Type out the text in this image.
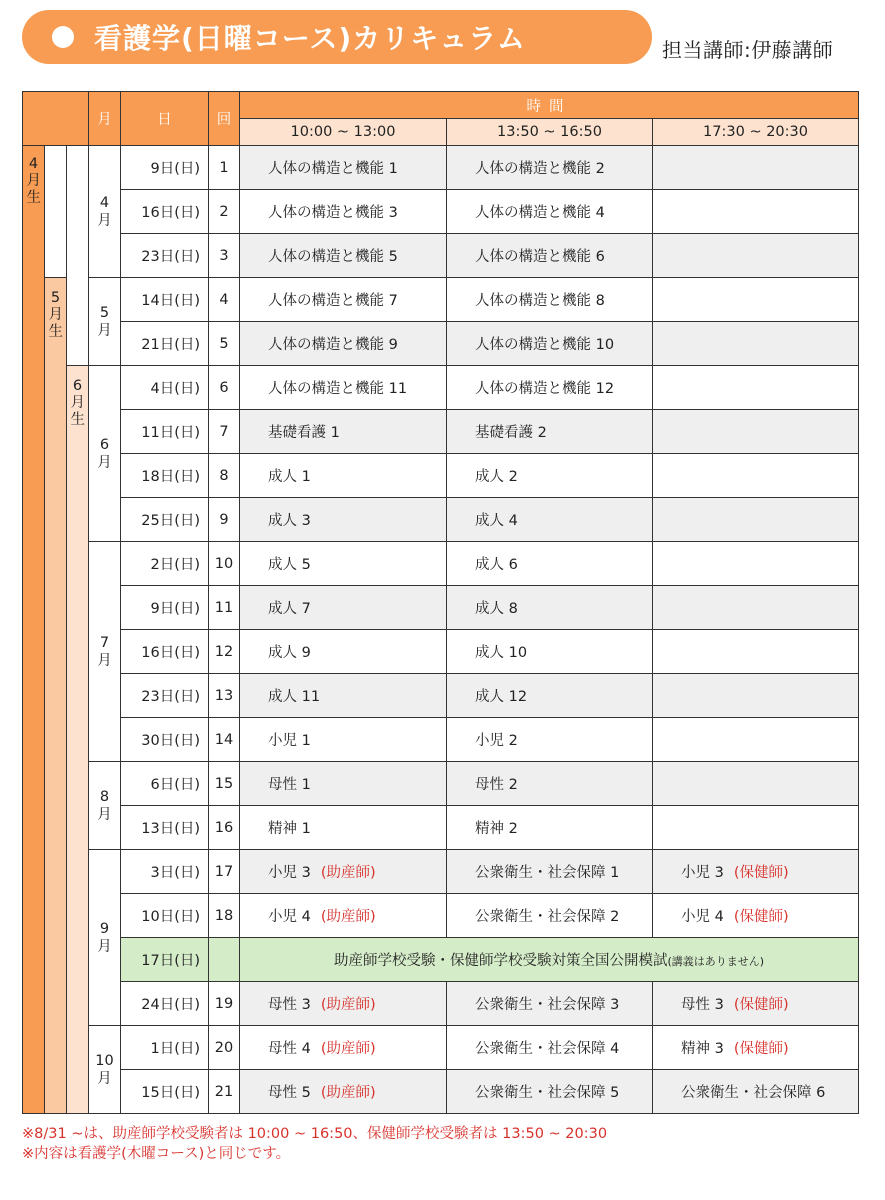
看護学(日曜コース)カリキュラム	担当講師:伊藤講師
			月	日	回	時間		
						10:00 ~ 13:00	13:50 ~ 16:50	17:30 ~ 20:30
4月生			4月	9日(日)	1	人体の構造と機能 1	人体の構造と機能 2	
				16日(日)	2	人体の構造と機能 3	人体の構造と機能 4	
				23日(日)	3	人体の構造と機能 5	人体の構造と機能 6	
	5月生		5月	14日(日)	4	人体の構造と機能 7	人体の構造と機能 8	
				21日(日)	5	人体の構造と機能 9	人体の構造と機能 10	
		6月生	6月	4日(日)	6	人体の構造と機能 11	人体の構造と機能 12	
				11日(日)	7	基礎看護 1	基礎看護 2	
				18日(日)	8	成人 1	成人 2	
				25日(日)	9	成人 3	成人 4	
			7月	2日(日)	10	成人 5	成人 6	
				9日(日)	11	成人 7	成人 8	
				16日(日)	12	成人 9	成人 10	
				23日(日)	13	成人 11	成人 12	
				30日(日)	14	小児 1	小児 2	
			8月	6日(日)	15	母性 1	母性 2	
				13日(日)	16	精神 1	精神 2	
			9月	3日(日)	17	小児 3 (助産師)	公衆衛生・社会保障 1	小児 3 (保健師)
				10日(日)	18	小児 4 (助産師)	公衆衛生・社会保障 2	小児 4 (保健師)
				17日(日)		助産師学校受験・保健師学校受験対策全国公開模試(講義はありません)		
				24日(日)	19	母性 3 (助産師)	公衆衛生・社会保障 3	母性 3 (保健師)
			10月	1日(日)	20	母性 4 (助産師)	公衆衛生・社会保障 4	精神 3 (保健師)
				15日(日)	21	母性 5 (助産師)	公衆衛生・社会保障 5	公衆衛生・社会保障 6
※8/31 ~は、助産師学校受験者は 10:00 ~ 16:50、保健師学校受験者は 13:50 ~ 20:30
※内容は看護学(木曜コース)と同じです。
